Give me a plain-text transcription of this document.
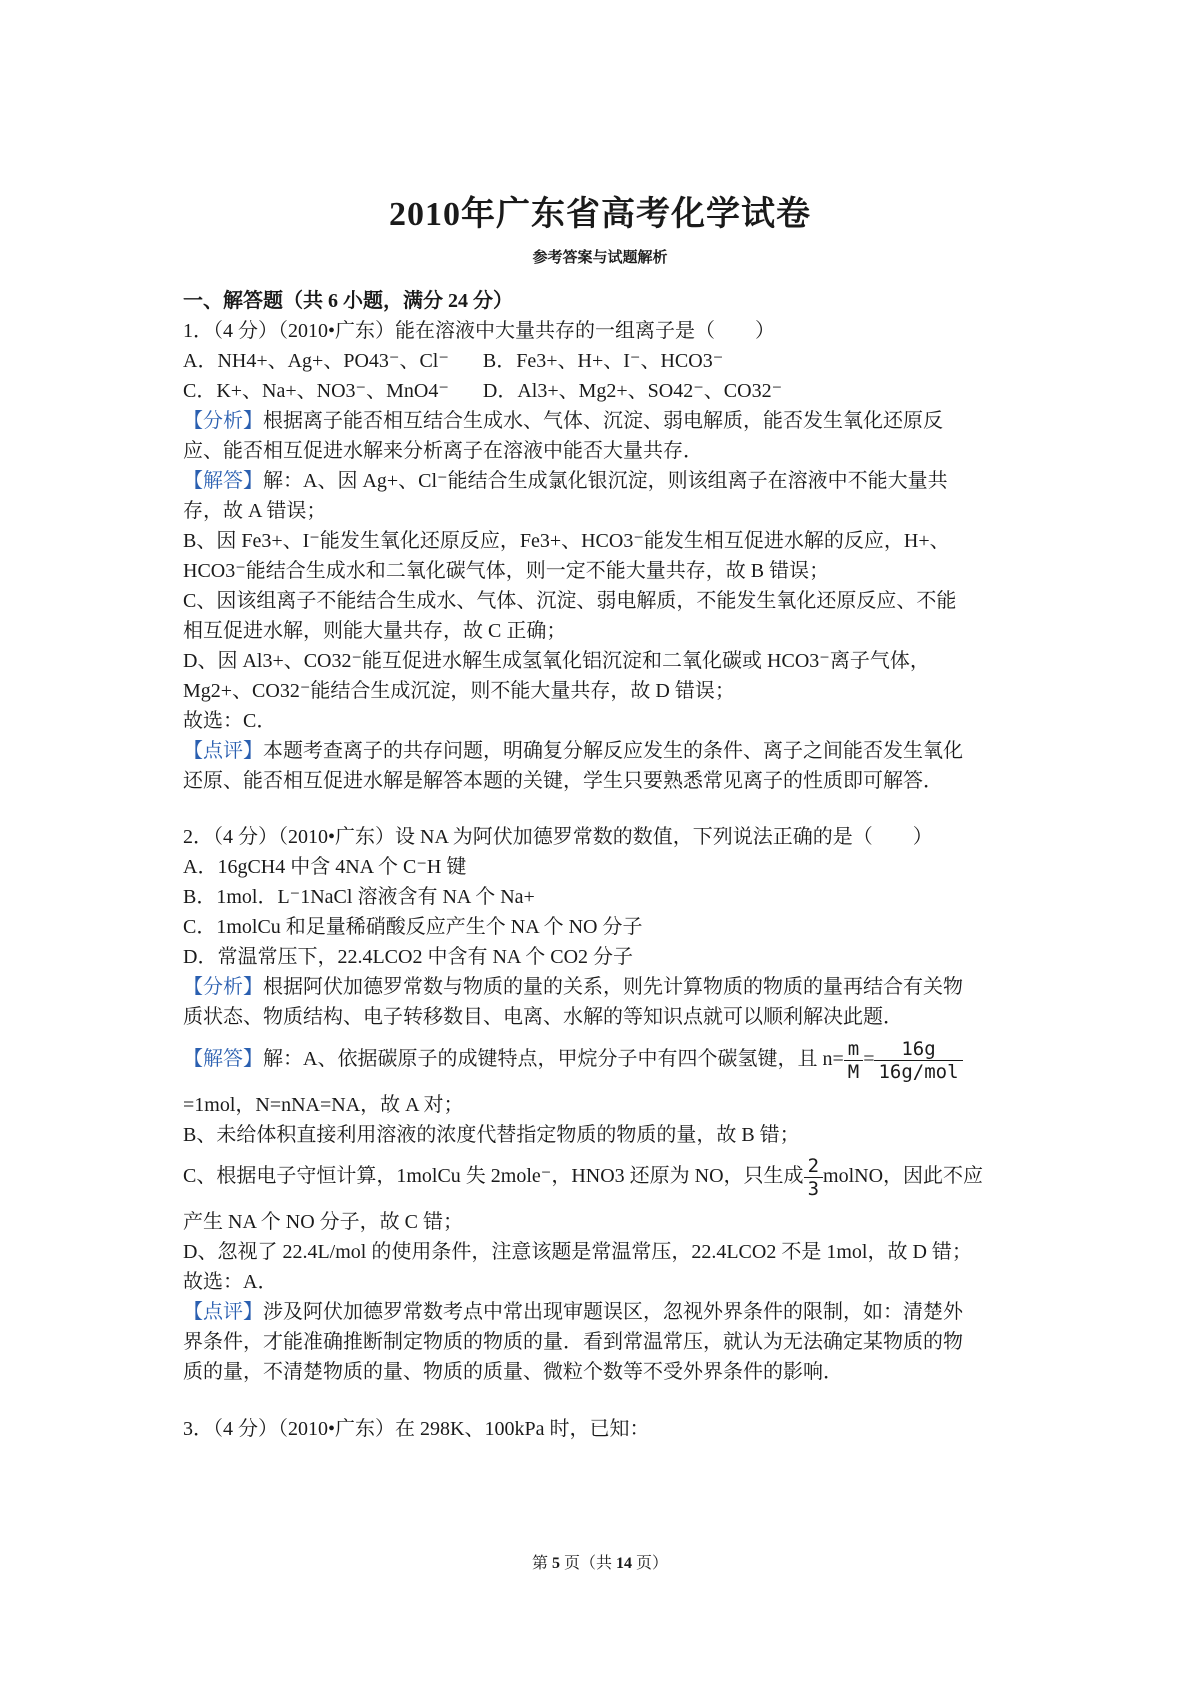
2010年广东省高考化学试卷
参考答案与试题解析
一、解答题（共 6 小题，满分 24 分）
1．（4 分）（2010•广东）能在溶液中大量共存的一组离子是（　　）
A．NH4+、Ag+、PO43⁻、Cl⁻ B．Fe3+、H+、I⁻、HCO3⁻
C．K+、Na+、NO3⁻、MnO4⁻ D．Al3+、Mg2+、SO42⁻、CO32⁻
【分析】根据离子能否相互结合生成水、气体、沉淀、弱电解质，能否发生氧化还原反
应、能否相互促进水解来分析离子在溶液中能否大量共存．
【解答】解：A、因 Ag+、Cl⁻能结合生成氯化银沉淀，则该组离子在溶液中不能大量共
存，故 A 错误；
B、因 Fe3+、I⁻能发生氧化还原反应，Fe3+、HCO3⁻能发生相互促进水解的反应，H+、
HCO3⁻能结合生成水和二氧化碳气体，则一定不能大量共存，故 B 错误；
C、因该组离子不能结合生成水、气体、沉淀、弱电解质，不能发生氧化还原反应、不能
相互促进水解，则能大量共存，故 C 正确；
D、因 Al3+、CO32⁻能互促进水解生成氢氧化铝沉淀和二氧化碳或 HCO3⁻离子气体，
Mg2+、CO32⁻能结合生成沉淀，则不能大量共存，故 D 错误；
故选：C．
【点评】本题考查离子的共存问题，明确复分解反应发生的条件、离子之间能否发生氧化
还原、能否相互促进水解是解答本题的关键，学生只要熟悉常见离子的性质即可解答．
2．（4 分）（2010•广东）设 NA 为阿伏加德罗常数的数值，下列说法正确的是（　　）
A．16gCH4 中含 4NA 个 C⁻H 键
B．1mol．L⁻1NaCl 溶液含有 NA 个 Na+
C．1molCu 和足量稀硝酸反应产生个 NA 个 NO 分子
D．常温常压下，22.4LCO2 中含有 NA 个 CO2 分子
【分析】根据阿伏加德罗常数与物质的量的关系，则先计算物质的物质的量再结合有关物
质状态、物质结构、电子转移数目、电离、水解的等知识点就可以顺利解决此题．
【解答】解：A、依据碳原子的成键特点，甲烷分子中有四个碳氢键，且 $n= \frac{m}{M} = \frac{16g}{\text{16g/mol}}$
=1mol，N=nNA=NA，故 A 对；
B、未给体积直接利用溶液的浓度代替指定物质的物质的量，故 B 错；
C、根据电子守恒计算，1molCu 失 2mole⁻，HNO3 还原为 NO，只生成 $\frac{2}{3}$ molNO，因此不应
产生 NA 个 NO 分子，故 C 错；
D、忽视了 22.4L/mol 的使用条件，注意该题是常温常压，22.4LCO2 不是 1mol，故 D 错；
故选：A．
【点评】涉及阿伏加德罗常数考点中常出现审题误区，忽视外界条件的限制，如：清楚外
界条件，才能准确推断制定物质的物质的量．看到常温常压，就认为无法确定某物质的物
质的量，不清楚物质的量、物质的质量、微粒个数等不受外界条件的影响．
3．（4 分）（2010•广东）在 298K、100kPa 时，已知：
第 5 页（共 14 页）
